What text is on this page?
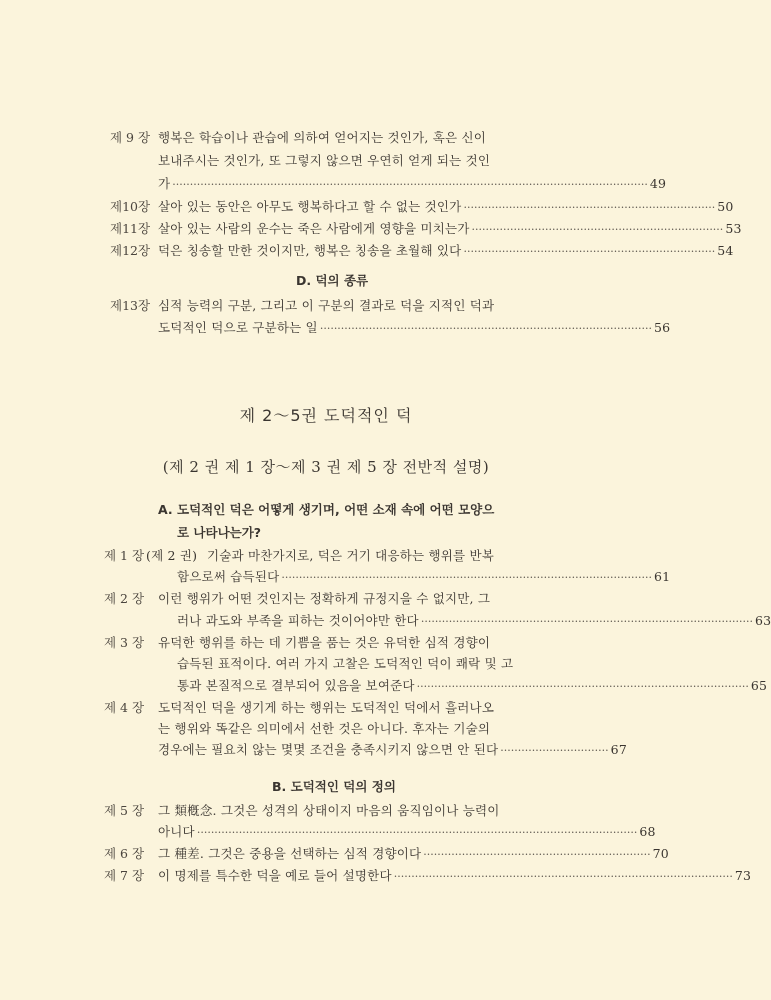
제 9 장 행복은 학습이나 관습에 의하여 얻어지는 것인가, 혹은 신이
보내주시는 것인가, 또 그렇지 않으면 우연히 얻게 되는 것인
가 ········································································································································ 49
제10장 살아 있는 동안은 아무도 행복하다고 할 수 없는 것인가 ········································································ 50
제11장 살아 있는 사람의 운수는 죽은 사람에게 영향을 미치는가 ········································································ 53
제12장 덕은 칭송할 만한 것이지만, 행복은 칭송을 초월해 있다 ········································································ 54
D. 덕의 종류
제13장 심적 능력의 구분, 그리고 이 구분의 결과로 덕을 지적인 덕과
도덕적인 덕으로 구분하는 일 ······························································································· 56
제 2～5권 도덕적인 덕
(제 2 권 제 1 장～제 3 권 제 5 장 전반적 설명)
A. 도덕적인 덕은 어떻게 생기며, 어떤 소재 속에 어떤 모양으
로 나타나는가?
제 1 장 (제 2 권) 기술과 마찬가지로, 덕은 거기 대응하는 행위를 반복
함으로써 습득된다 ·········································································································· 61
제 2 장 이런 행위가 어떤 것인지는 정확하게 규정지을 수 없지만, 그
러나 과도와 부족을 피하는 것이어야만 한다 ······························································································· 63
제 3 장 유덕한 행위를 하는 데 기쁨을 품는 것은 유덕한 심적 경향이
습득된 표적이다. 여러 가지 고찰은 도덕적인 덕이 쾌락 및 고
통과 본질적으로 결부되어 있음을 보여준다 ······························································································· 65
제 4 장 도덕적인 덕을 생기게 하는 행위는 도덕적인 덕에서 흘러나오
는 행위와 똑같은 의미에서 선한 것은 아니다. 후자는 기술의
경우에는 필요치 않는 몇몇 조건을 충족시키지 않으면 안 된다 ······························· 67
B. 도덕적인 덕의 정의
제 5 장 그 類槪念. 그것은 성격의 상태이지 마음의 움직임이나 능력이
아니다 ······························································································································ 68
제 6 장 그 種差. 그것은 중용을 선택하는 심적 경향이다 ································································· 70
제 7 장 이 명제를 특수한 덕을 예로 들어 설명한다 ································································································· 73
